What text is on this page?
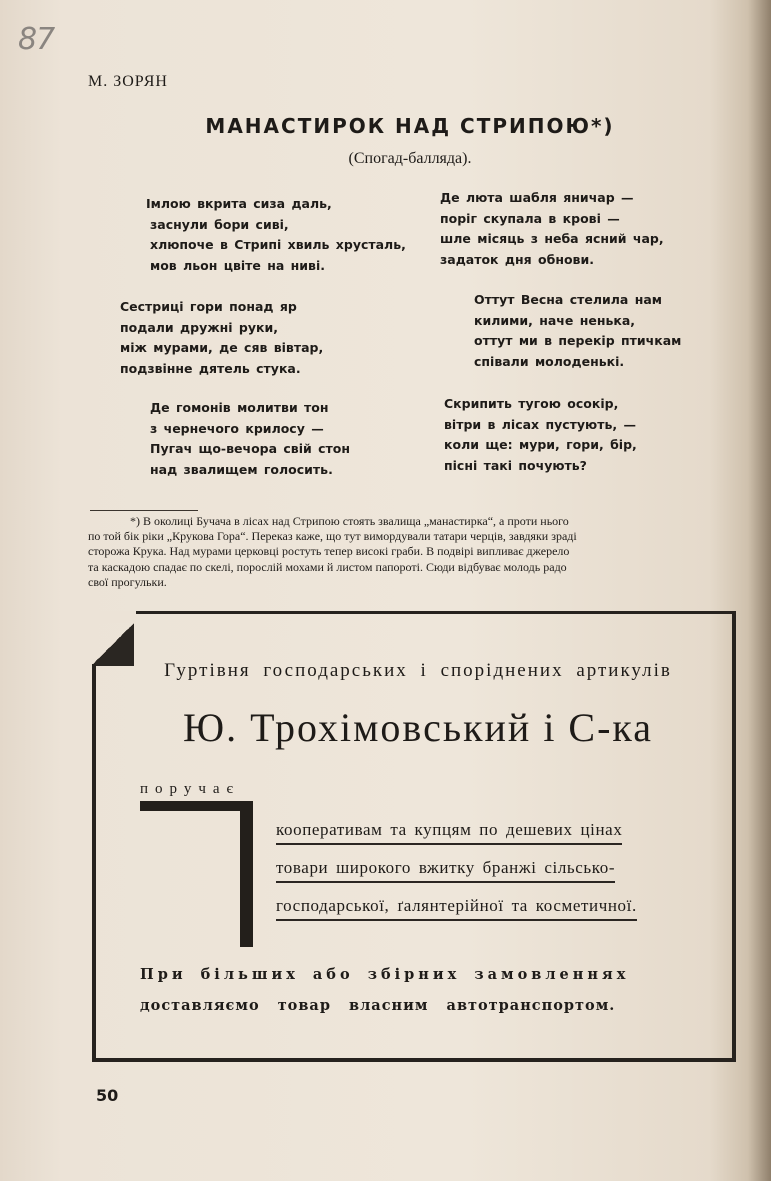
87
М. ЗОРЯН
МАНАСТИРОК НАД СТРИПОЮ*)
(Спогад-балляда).
Імлою вкрита сиза даль,
заснули бори сиві,
хлюпоче в Стрипі хвиль хрусталь,
мов льон цвіте на ниві.
Сестриці гори понад яр
подали дружні руки,
між мурами, де сяв вівтар,
подзвінне дятель стука.
Де гомонів молитви тон
з чернечого крилосу —
Пугач що-вечора свій стон
над звалищем голосить.
Де люта шабля яничар —
поріг скупала в крові —
шле місяць з неба ясний чар,
задаток дня обнови.
Оттут Весна стелила нам
килими, наче ненька,
оттут ми в перекір птичкам
співали молоденькі.
Скрипить тугою осокір,
вітри в лісах пустують, —
коли ще: мури, гори, бір,
пісні такі почують?
*) В околиці Бучача в лісах над Стрипою стоять звалища „манастирка“, а проти нього
по той бік ріки „Крукова Гора“. Переказ каже, що тут вимордували татари черців, завдяки зраді
сторожа Крука. Над мурами церковці ростуть тепер високі граби. В подвірі випливає джерело
та каскадою спадає по скелі, порослій мохами й листом папороті. Сюди відбуває молодь радо
свої прогульки.
Гуртівня господарських і споріднених артикулів
Ю. Трохімовський і С-ка
поручає
кооперативам та купцям по дешевих цінах
товари широкого вжитку бранжі сільсько-
господарської, ґалянтерійної та косметичної.
При більших або збірних замовленнях
доставляємо товар власним автотранспортом.
50
